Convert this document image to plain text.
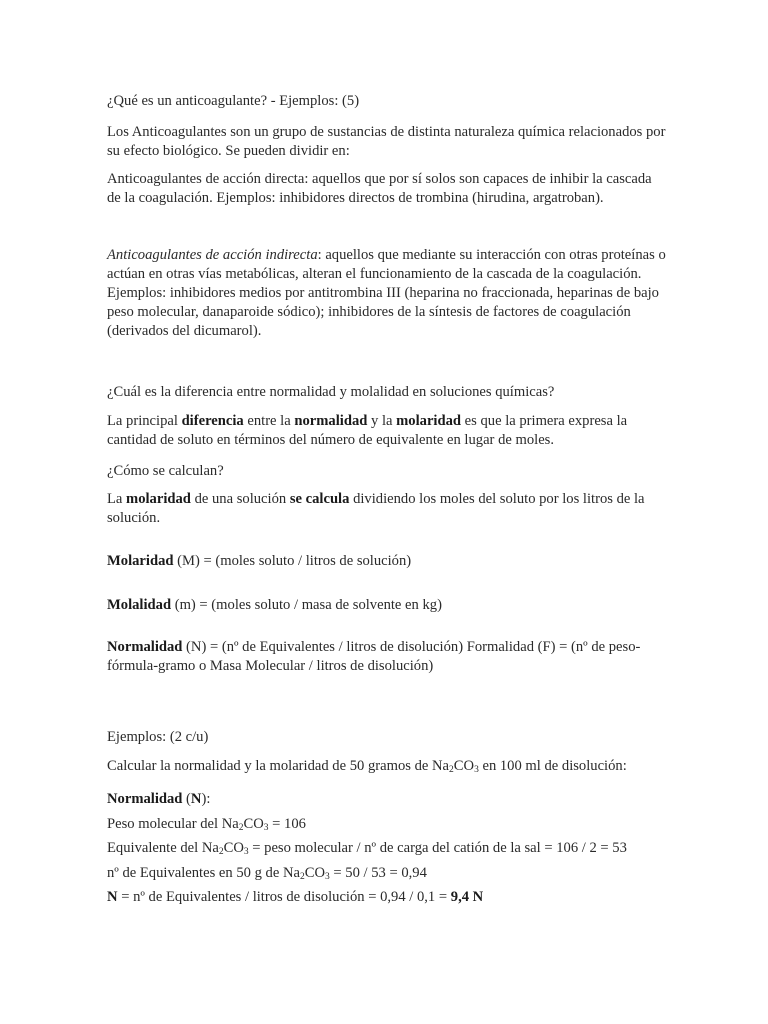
¿Qué es un anticoagulante? - Ejemplos: (5)

Los Anticoagulantes son un grupo de sustancias de distinta naturaleza química relacionados por su efecto biológico. Se pueden dividir en:

Anticoagulantes de acción directa: aquellos que por sí solos son capaces de inhibir la cascada de la coagulación. Ejemplos: inhibidores directos de trombina (hirudina, argatroban).

Anticoagulantes de acción indirecta: aquellos que mediante su interacción con otras proteínas o actúan en otras vías metabólicas, alteran el funcionamiento de la cascada de la coagulación. Ejemplos: inhibidores medios por antitrombina III (heparina no fraccionada, heparinas de bajo peso molecular, danaparoide sódico); inhibidores de la síntesis de factores de coagulación (derivados del dicumarol).

¿Cuál es la diferencia entre normalidad y molalidad en soluciones químicas?

La principal diferencia entre la normalidad y la molaridad es que la primera expresa la cantidad de soluto en términos del número de equivalente en lugar de moles.

¿Cómo se calculan?

La molaridad de una solución se calcula dividiendo los moles del soluto por los litros de la solución.

Molaridad (M) = (moles soluto / litros de solución)

Molalidad (m) = (moles soluto / masa de solvente en kg)

Normalidad (N) = (nº de Equivalentes / litros de disolución) Formalidad (F) = (nº de peso-fórmula-gramo o Masa Molecular / litros de disolución)

Ejemplos: (2 c/u)

Calcular la normalidad y la molaridad de 50 gramos de $Na_2CO_3$ en 100 ml de disolución:

Normalidad (N):
Peso molecular del $Na_2CO_3 = 106$
Equivalente del $Na_2CO_3$ = peso molecular / nº de carga del catión de la sal = 106 / 2 = 53
nº de Equivalentes en 50 g de $Na_2CO_3 = 50 / 53 = 0,94$
N = nº de Equivalentes / litros de disolución = 0,94 / 0,1 = 9,4 N
